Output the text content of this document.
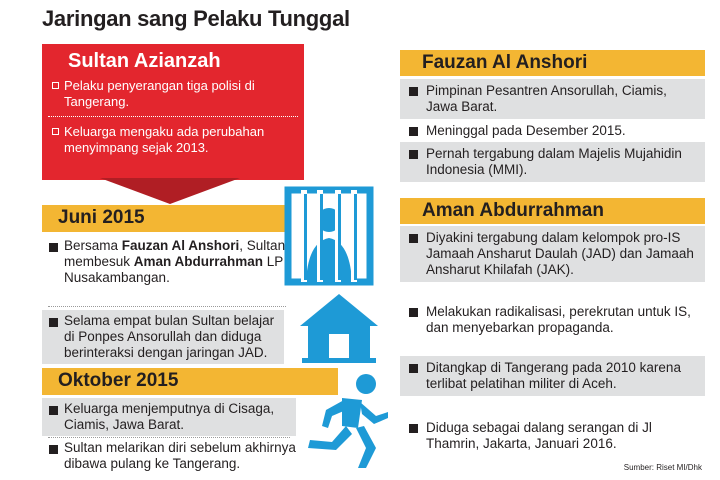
Jaringan sang Pelaku Tunggal
Sultan Azianzah
Pelaku penyerangan tiga polisi di Tangerang.
Keluarga mengaku ada perubahan menyimpang sejak 2013.
Juni 2015
Bersama Fauzan Al Anshori, Sultan membesuk Aman Abdurrahman LP Nusakambangan.
Selama empat bulan Sultan belajar di Ponpes Ansorullah dan diduga berinteraksi dengan jaringan JAD.
Oktober 2015
Keluarga menjemputnya di Cisaga, Ciamis, Jawa Barat.
Sultan melarikan diri sebelum akhirnya dibawa pulang ke Tangerang.
Fauzan Al Anshori
Pimpinan Pesantren Ansorullah, Ciamis, Jawa Barat.
Meninggal pada Desember 2015.
Pernah tergabung dalam Majelis Mujahidin Indonesia (MMI).
Aman Abdurrahman
Diyakini tergabung dalam kelompok pro-IS Jamaah Ansharut Daulah (JAD) dan Jamaah Ansharut Khilafah (JAK).
Melakukan radikalisasi, perekrutan untuk IS, dan menyebarkan propaganda.
Ditangkap di Tangerang pada 2010 karena terlibat pelatihan militer di Aceh.
Diduga sebagai dalang serangan di Jl Thamrin, Jakarta, Januari 2016.
Sumber: Riset MI/Dhk
